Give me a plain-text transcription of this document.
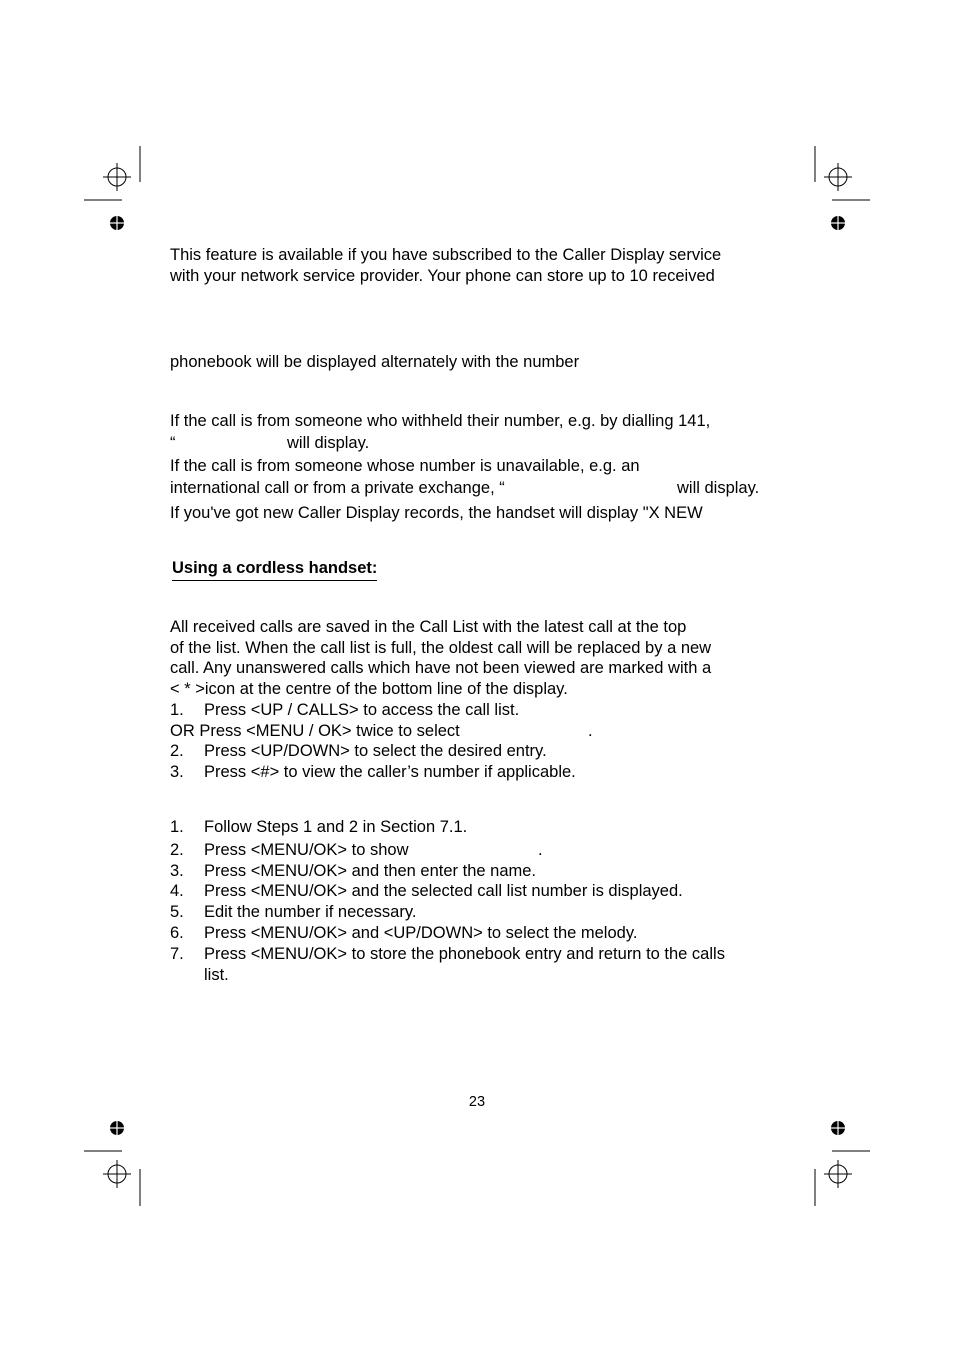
This feature is available if you have subscribed to the Caller Display service

with your network service provider. Your phone can store up to 10 received

phonebook will be displayed alternately with the number

If the call is from someone who withheld their number, e.g. by dialling 141,

“	will display.

If the call is from someone whose number is unavailable, e.g. an

international call or from a private exchange, “	will display.

If you've got new Caller Display records, the handset will display "X NEW

Using a cordless handset:

All received calls are saved in the Call List with the latest call at the top

of the list. When the call list is full, the oldest call will be replaced by a new

call. Any unanswered calls which have not been viewed are marked with a

< * >icon at the centre of the bottom line of the display.

1. Press <UP / CALLS> to access the call list.

OR Press <MENU / OK> twice to select	.

2. Press <UP/DOWN> to select the desired entry.
3. Press <#> to view the caller’s number if applicable.
1. Follow Steps 1 and 2 in Section 7.1.
2. Press <MENU/OK> to show	.

3. Press <MENU/OK> and then enter the name.
4. Press <MENU/OK> and the selected call list number is displayed.
5. Edit the number if necessary.
6. Press <MENU/OK> and <UP/DOWN> to select the melody.
7. Press <MENU/OK> to store the phonebook entry and return to the calls
list.
23
